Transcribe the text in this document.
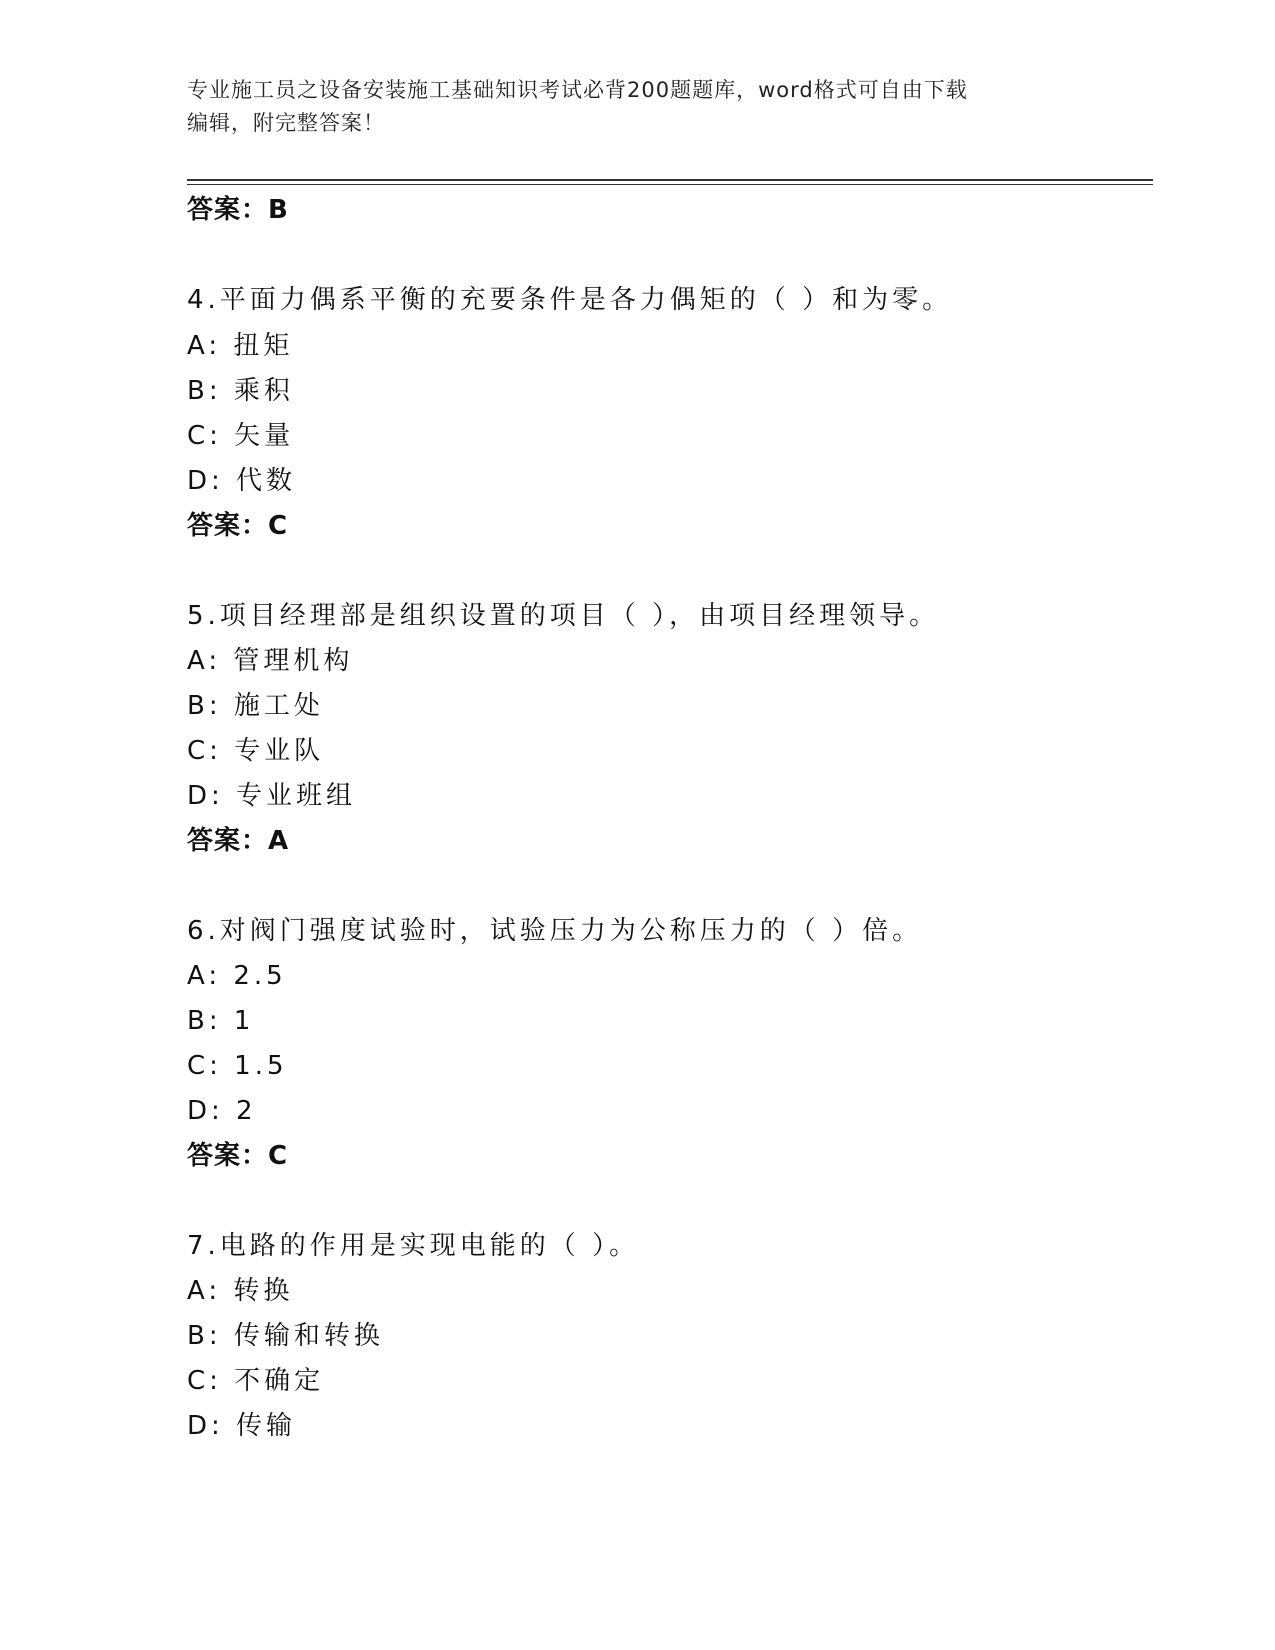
专业施工员之设备安装施工基础知识考试必背200题题库，word格式可自由下载
编辑，附完整答案！
答案：B
4.平面力偶系平衡的充要条件是各力偶矩的（ ）和为零。
A: 扭矩
B: 乘积
C: 矢量
D: 代数
答案：C
5.项目经理部是组织设置的项目（ ），由项目经理领导。
A: 管理机构
B: 施工处
C: 专业队
D: 专业班组
答案：A
6.对阀门强度试验时，试验压力为公称压力的（ ）倍。
A: 2.5
B: 1
C: 1.5
D: 2
答案：C
7.电路的作用是实现电能的（ ）。
A: 转换
B: 传输和转换
C: 不确定
D: 传输
